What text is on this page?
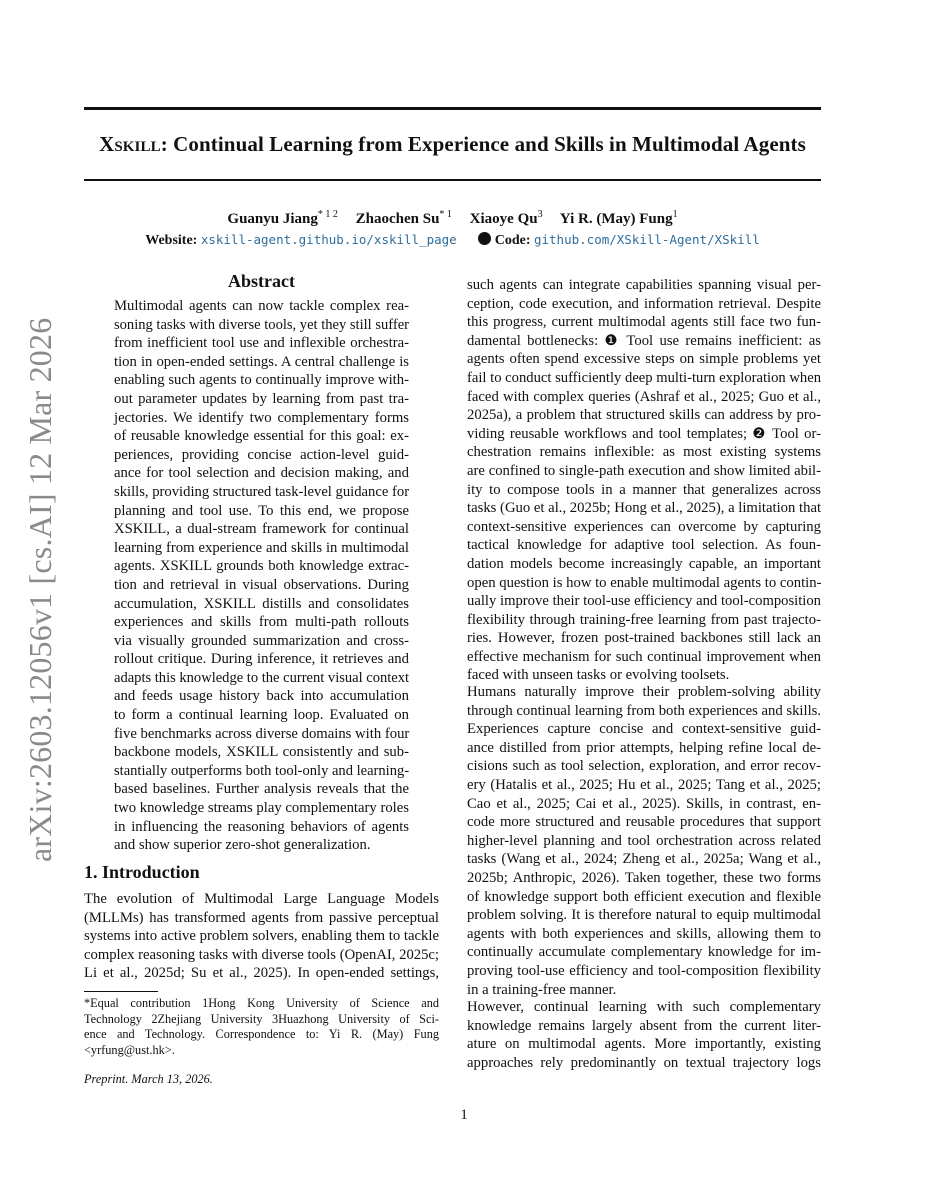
XSKILL: Continual Learning from Experience and Skills in Multimodal Agents
Guanyu Jiang$^{* 1 2}$ Zhaochen Su$^{* 1}$ Xiaoye Qu$^3$ Yi R. (May) Fung$^1$
Website: xskill-agent.github.io/xskill_page	Code: github.com/XSkill-Agent/XSkill
arXiv:2603.12056v1 [cs.AI] 12 Mar 2026
Abstract
Multimodal agents can now tackle complex rea-
soning tasks with diverse tools, yet they still suffer
from inefficient tool use and inflexible orchestra-
tion in open-ended settings. A central challenge is
enabling such agents to continually improve with-
out parameter updates by learning from past tra-
jectories. We identify two complementary forms
of reusable knowledge essential for this goal: ex-
periences, providing concise action-level guid-
ance for tool selection and decision making, and
skills, providing structured task-level guidance for
planning and tool use. To this end, we propose
XSKILL, a dual-stream framework for continual
learning from experience and skills in multimodal
agents. XSKILL grounds both knowledge extrac-
tion and retrieval in visual observations. During
accumulation, XSKILL distills and consolidates
experiences and skills from multi-path rollouts
via visually grounded summarization and cross-
rollout critique. During inference, it retrieves and
adapts this knowledge to the current visual context
and feeds usage history back into accumulation
to form a continual learning loop. Evaluated on
five benchmarks across diverse domains with four
backbone models, XSKILL consistently and sub-
stantially outperforms both tool-only and learning-
based baselines. Further analysis reveals that the
two knowledge streams play complementary roles
in influencing the reasoning behaviors of agents
and show superior zero-shot generalization.
1. Introduction
The evolution of Multimodal Large Language Models
(MLLMs) has transformed agents from passive perceptual
systems into active problem solvers, enabling them to tackle
complex reasoning tasks with diverse tools (OpenAI, 2025c;
Li et al., 2025d; Su et al., 2025). In open-ended settings,
*Equal contribution 1Hong Kong University of Science and
Technology 2Zhejiang University 3Huazhong University of Sci-
ence and Technology. Correspondence to: Yi R. (May) Fung
<yrfung@ust.hk>.
Preprint. March 13, 2026.
such agents can integrate capabilities spanning visual per-
ception, code execution, and information retrieval. Despite
this progress, current multimodal agents still face two fun-
damental bottlenecks: ❶ Tool use remains inefficient: as
agents often spend excessive steps on simple problems yet
fail to conduct sufficiently deep multi-turn exploration when
faced with complex queries (Ashraf et al., 2025; Guo et al.,
2025a), a problem that structured skills can address by pro-
viding reusable workflows and tool templates; ❷ Tool or-
chestration remains inflexible: as most existing systems
are confined to single-path execution and show limited abil-
ity to compose tools in a manner that generalizes across
tasks (Guo et al., 2025b; Hong et al., 2025), a limitation that
context-sensitive experiences can overcome by capturing
tactical knowledge for adaptive tool selection. As foun-
dation models become increasingly capable, an important
open question is how to enable multimodal agents to contin-
ually improve their tool-use efficiency and tool-composition
flexibility through training-free learning from past trajecto-
ries. However, frozen post-trained backbones still lack an
effective mechanism for such continual improvement when
faced with unseen tasks or evolving toolsets.
Humans naturally improve their problem-solving ability
through continual learning from both experiences and skills.
Experiences capture concise and context-sensitive guid-
ance distilled from prior attempts, helping refine local de-
cisions such as tool selection, exploration, and error recov-
ery (Hatalis et al., 2025; Hu et al., 2025; Tang et al., 2025;
Cao et al., 2025; Cai et al., 2025). Skills, in contrast, en-
code more structured and reusable procedures that support
higher-level planning and tool orchestration across related
tasks (Wang et al., 2024; Zheng et al., 2025a; Wang et al.,
2025b; Anthropic, 2026). Taken together, these two forms
of knowledge support both efficient execution and flexible
problem solving. It is therefore natural to equip multimodal
agents with both experiences and skills, allowing them to
continually accumulate complementary knowledge for im-
proving tool-use efficiency and tool-composition flexibility
in a training-free manner.
However, continual learning with such complementary
knowledge remains largely absent from the current liter-
ature on multimodal agents. More importantly, existing
approaches rely predominantly on textual trajectory logs
1
